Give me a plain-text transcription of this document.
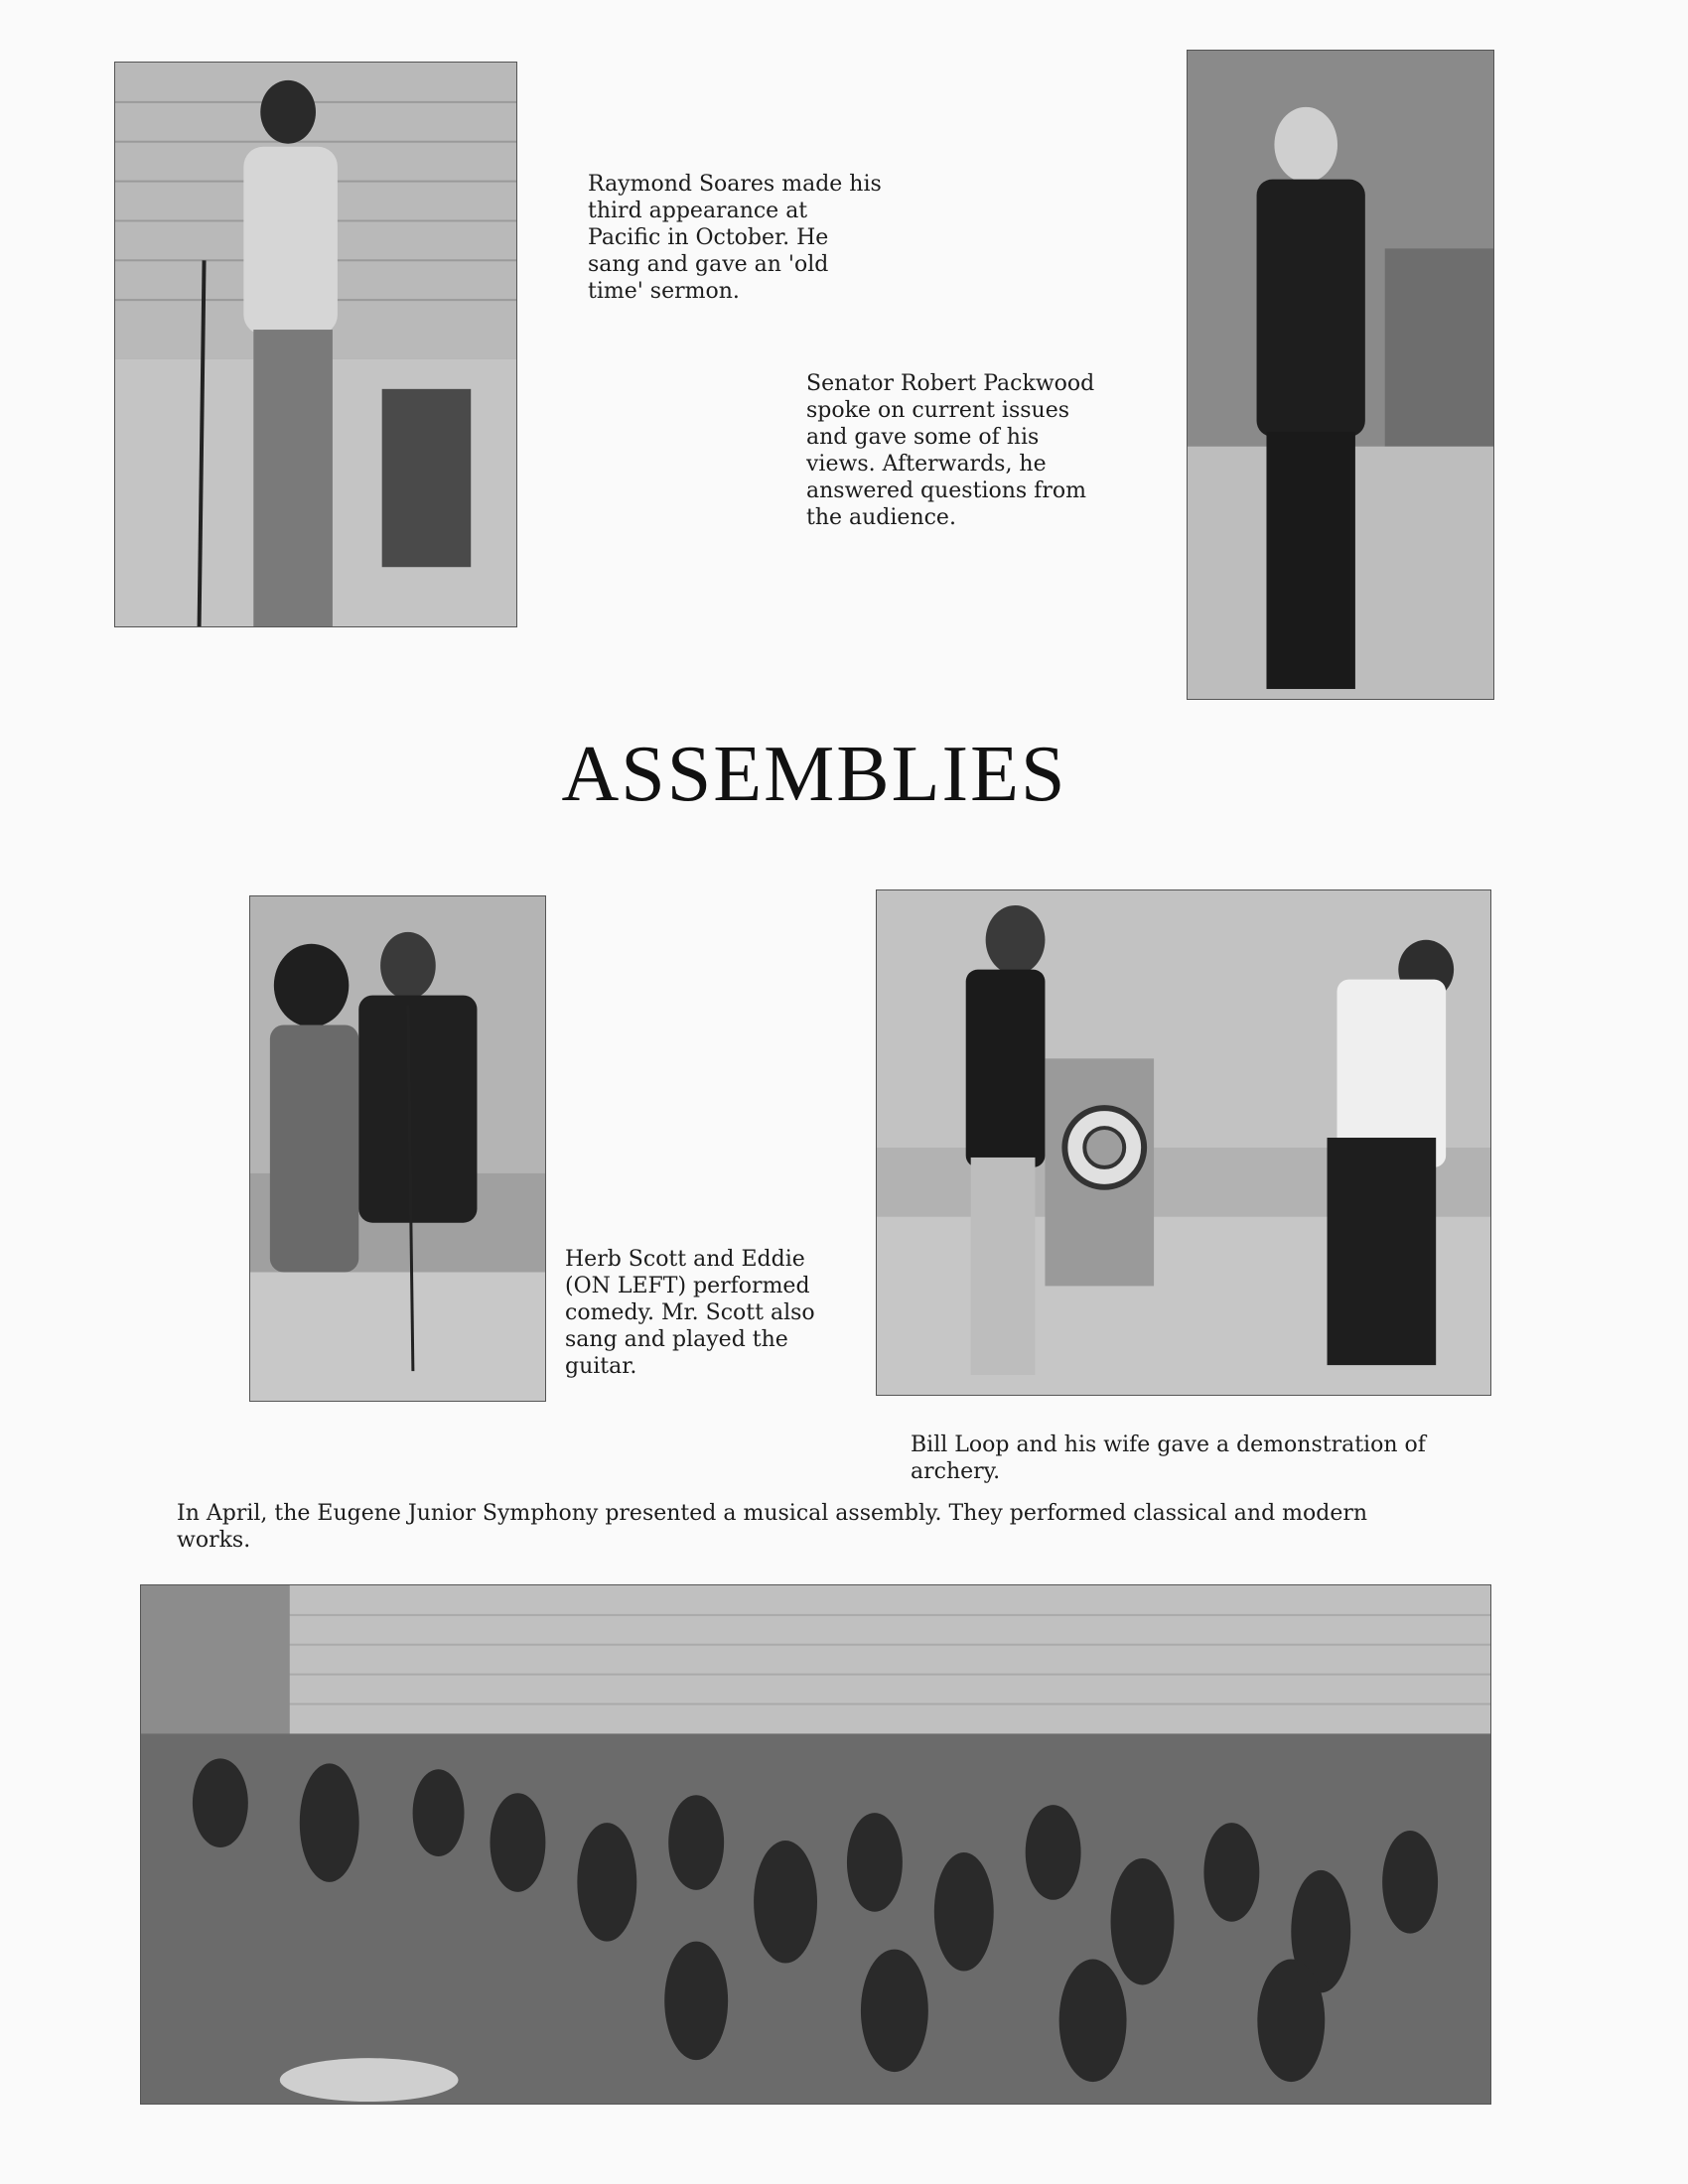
Raymond Soares made his
third appearance at
Pacific in October. He
sang and gave an 'old
time' sermon.

Senator Robert Packwood
spoke on current issues
and gave some of his
views. Afterwards, he
answered questions from
the audience.

ASSEMBLIES

Herb Scott and Eddie
(ON LEFT) performed
comedy. Mr. Scott also
sang and played the
guitar.

Bill Loop and his wife gave a demonstration of
archery.

In April, the Eugene Junior Symphony presented a musical assembly. They performed classical and modern
works.
